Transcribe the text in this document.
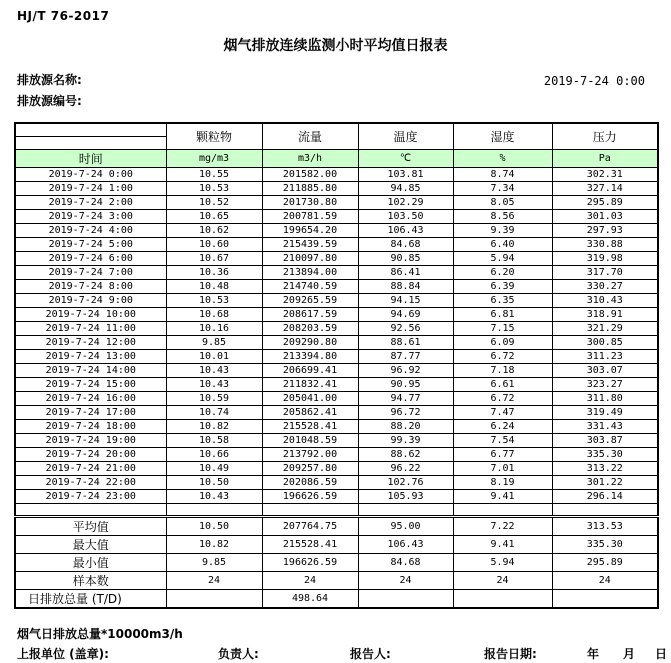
HJ/T 76-2017
烟气排放连续监测小时平均值日报表
排放源名称:	2019-7-24 0:00
排放源编号:
	颗粒物	流量	温度	湿度	压力

时间	mg/m3	m3/h	℃	%	Pa
2019-7-24 0:00	10.55	201582.00	103.81	8.74	302.31
2019-7-24 1:00	10.53	211885.80	94.85	7.34	327.14
2019-7-24 2:00	10.52	201730.80	102.29	8.05	295.89
2019-7-24 3:00	10.65	200781.59	103.50	8.56	301.03
2019-7-24 4:00	10.62	199654.20	106.43	9.39	297.93
2019-7-24 5:00	10.60	215439.59	84.68	6.40	330.88
2019-7-24 6:00	10.67	210097.80	90.85	5.94	319.98
2019-7-24 7:00	10.36	213894.00	86.41	6.20	317.70
2019-7-24 8:00	10.48	214740.59	88.84	6.39	330.27
2019-7-24 9:00	10.53	209265.59	94.15	6.35	310.43
2019-7-24 10:00	10.68	208617.59	94.69	6.81	318.91
2019-7-24 11:00	10.16	208203.59	92.56	7.15	321.29
2019-7-24 12:00	9.85	209290.80	88.61	6.09	300.85
2019-7-24 13:00	10.01	213394.80	87.77	6.72	311.23
2019-7-24 14:00	10.43	206699.41	96.92	7.18	303.07
2019-7-24 15:00	10.43	211832.41	90.95	6.61	323.27
2019-7-24 16:00	10.59	205041.00	94.77	6.72	311.80
2019-7-24 17:00	10.74	205862.41	96.72	7.47	319.49
2019-7-24 18:00	10.82	215528.41	88.20	6.24	331.43
2019-7-24 19:00	10.58	201048.59	99.39	7.54	303.87
2019-7-24 20:00	10.66	213792.00	88.62	6.77	335.30
2019-7-24 21:00	10.49	209257.80	96.22	7.01	313.22
2019-7-24 22:00	10.50	202086.59	102.76	8.19	301.22
2019-7-24 23:00	10.43	196626.59	105.93	9.41	296.14

平均值	10.50	207764.75	95.00	7.22	313.53
最大值	10.82	215528.41	106.43	9.41	335.30
最小值	9.85	196626.59	84.68	5.94	295.89
样本数	24	24	24	24	24
日排放总量 (T/D)		498.64			
烟气日排放总量*10000m3/h
上报单位 (盖章):	负责人:	报告人:	报告日期:	年 月 日
